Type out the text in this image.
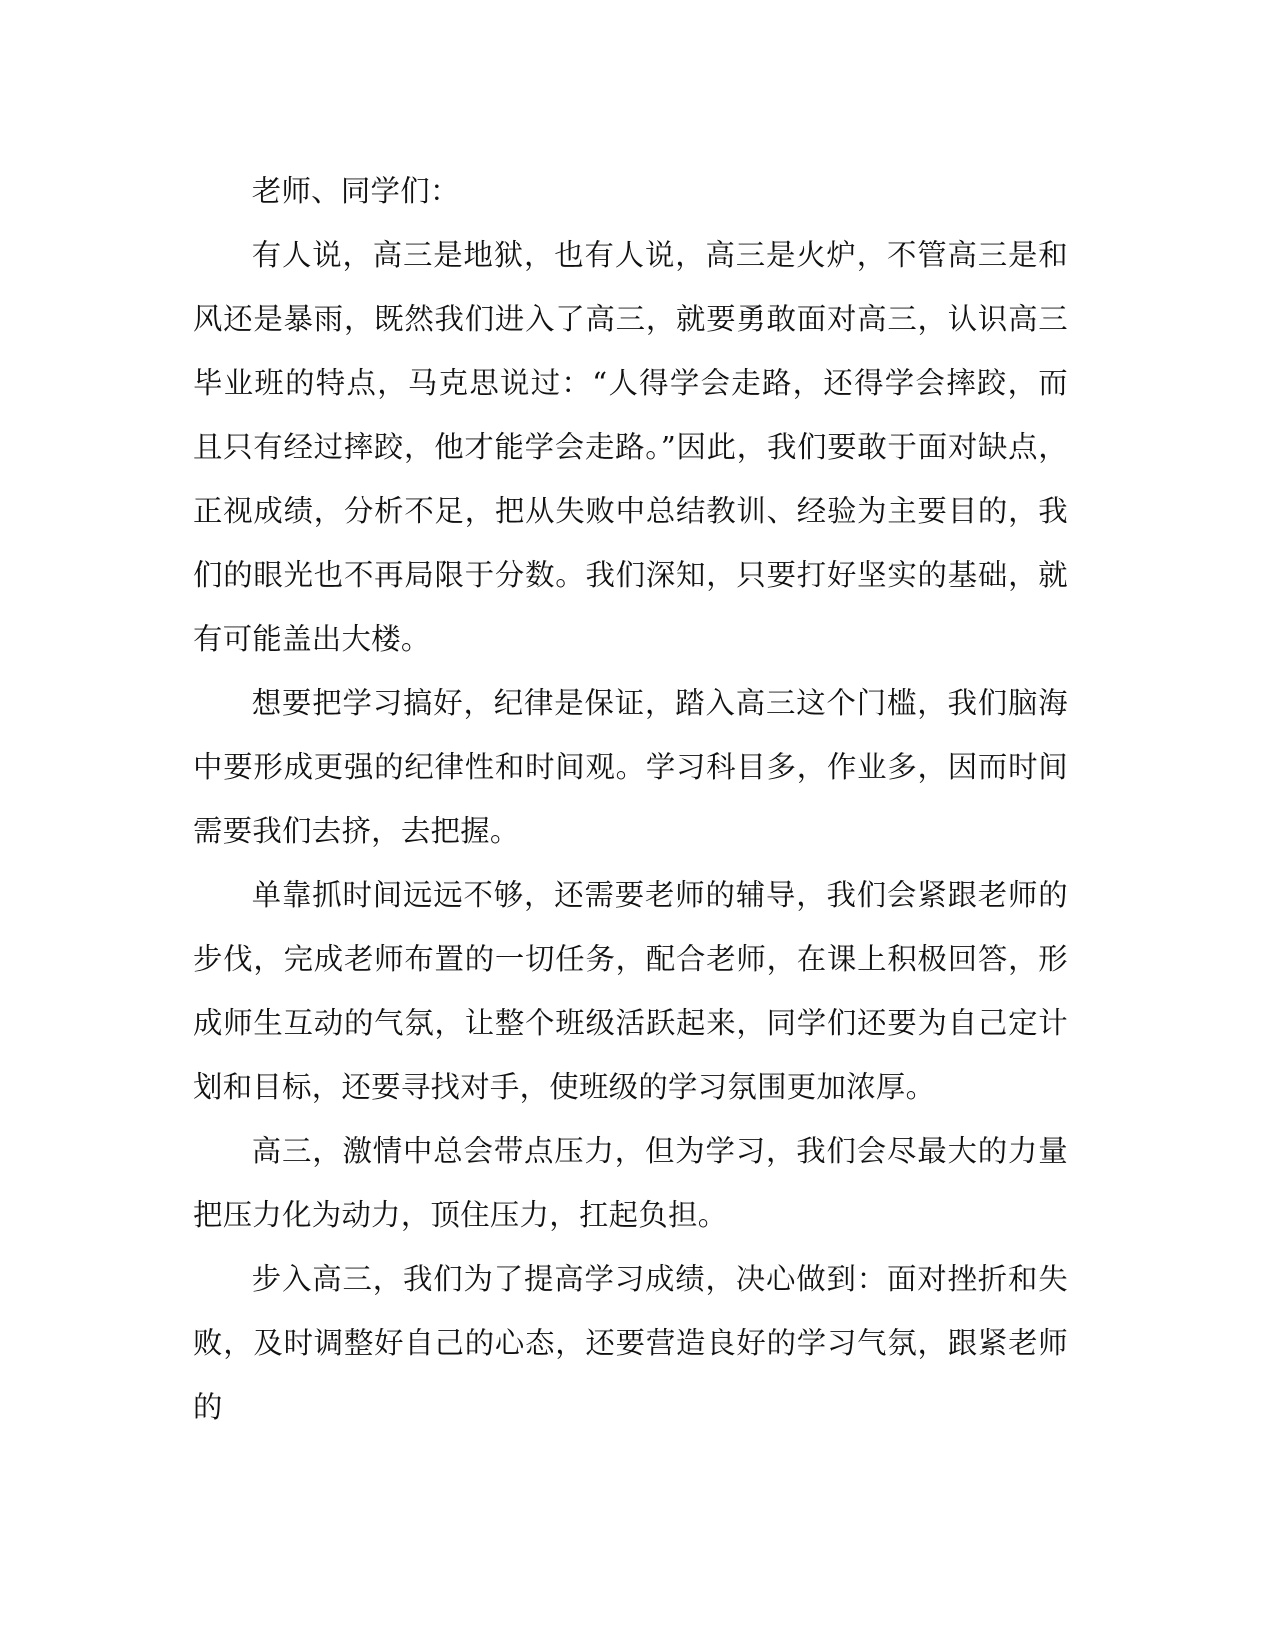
老师、同学们：

有人说，高三是地狱，也有人说，高三是火炉，不管高三是和风还是暴雨，既然我们进入了高三，就要勇敢面对高三，认识高三毕业班的特点，马克思说过：“人得学会走路，还得学会摔跤，而且只有经过摔跤，他才能学会走路。”因此，我们要敢于面对缺点，正视成绩，分析不足，把从失败中总结教训、经验为主要目的，我们的眼光也不再局限于分数。我们深知，只要打好坚实的基础，就有可能盖出大楼。

想要把学习搞好，纪律是保证，踏入高三这个门槛，我们脑海中要形成更强的纪律性和时间观。学习科目多，作业多，因而时间需要我们去挤，去把握。

单靠抓时间远远不够，还需要老师的辅导，我们会紧跟老师的步伐，完成老师布置的一切任务，配合老师，在课上积极回答，形成师生互动的气氛，让整个班级活跃起来，同学们还要为自己定计划和目标，还要寻找对手，使班级的学习氛围更加浓厚。

高三，激情中总会带点压力，但为学习，我们会尽最大的力量把压力化为动力，顶住压力，扛起负担。

步入高三，我们为了提高学习成绩，决心做到：面对挫折和失败，及时调整好自己的心态，还要营造良好的学习气氛，跟紧老师的
